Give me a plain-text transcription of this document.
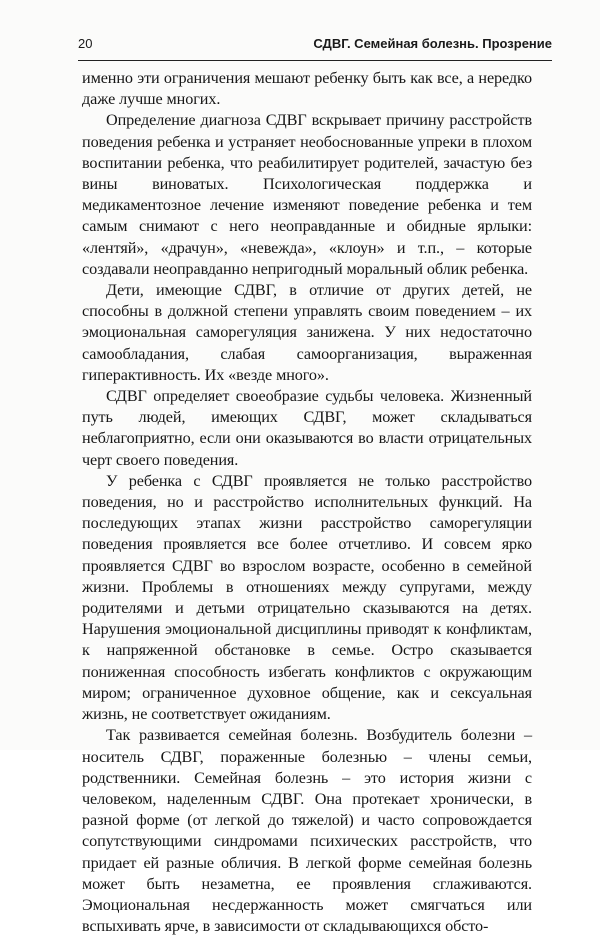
20	СДВГ. Семейная болезнь. Прозрение

именно эти ограничения мешают ребенку быть как все, а нередко даже лучше многих.

Определение диагноза СДВГ вскрывает причину расстройств поведения ребенка и устраняет необоснованные упреки в плохом воспитании ребенка, что реабилитирует родителей, зачастую без вины виноватых. Психологическая поддержка и медикаментозное лечение изменяют поведение ребенка и тем самым снимают с него неоправданные и обидные ярлыки: «лентяй», «драчун», «невежда», «клоун» и т.п., – которые создавали неоправданно непригодный моральный облик ребенка.

Дети, имеющие СДВГ, в отличие от других детей, не способны в должной степени управлять своим поведением – их эмоциональная саморегуляция занижена. У них недостаточно самообладания, слабая самоорганизация, выраженная гиперактивность. Их «везде много».

СДВГ определяет своеобразие судьбы человека. Жизненный путь людей, имеющих СДВГ, может складываться неблагоприятно, если они оказываются во власти отрицательных черт своего поведения.

У ребенка с СДВГ проявляется не только расстройство поведения, но и расстройство исполнительных функций. На последующих этапах жизни расстройство саморегуляции поведения проявляется все более отчетливо. И совсем ярко проявляется СДВГ во взрослом возрасте, особенно в семейной жизни. Проблемы в отношениях между супругами, между родителями и детьми отрицательно сказываются на детях. Нарушения эмоциональной дисциплины приводят к конфликтам, к напряженной обстановке в семье. Остро сказывается пониженная способность избегать конфликтов с окружающим миром; ограниченное духовное общение, как и сексуальная жизнь, не соответствует ожиданиям.

Так развивается семейная болезнь. Возбудитель болезни – носитель СДВГ, пораженные болезнью – члены семьи, родственники. Семейная болезнь – это история жизни с человеком, наделенным СДВГ. Она протекает хронически, в разной форме (от легкой до тяжелой) и часто сопровождается сопутствующими синдромами психических расстройств, что придает ей разные обличия. В легкой форме семейная болезнь может быть незаметна, ее проявления сглаживаются. Эмоциональная несдержанность может смягчаться или вспыхивать ярче, в зависимости от складывающихся обсто-
